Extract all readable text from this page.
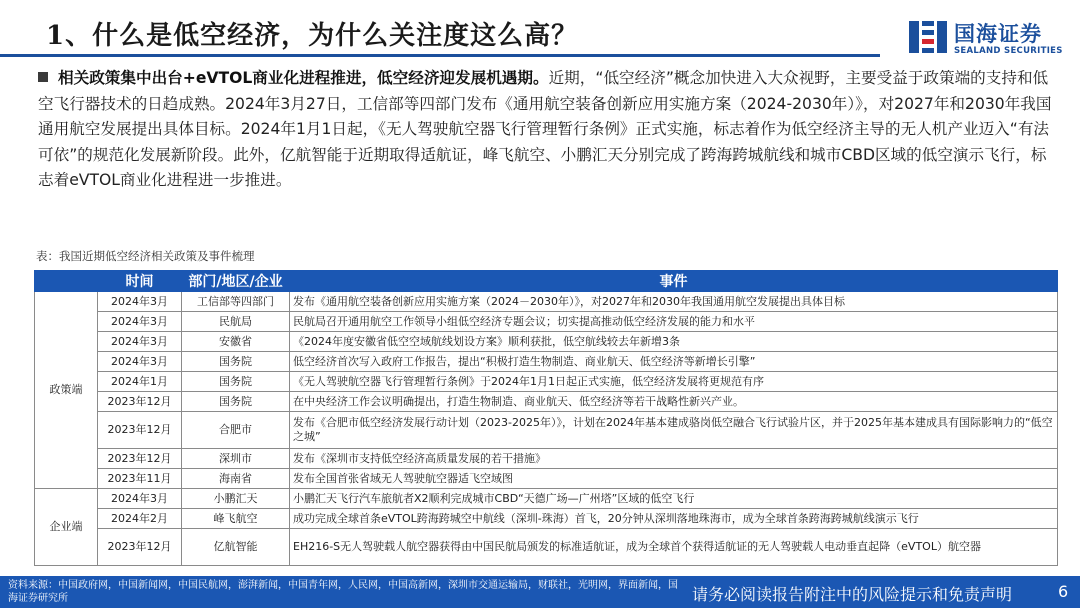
1、什么是低空经济，为什么关注度这么高？	国海证券
SEALAND SECURITIES
相关政策集中出台+eVTOL商业化进程推进，低空经济迎发展机遇期。近期，“低空经济”概念加快进入大众视野，主要受益于政策端的支持和低空飞行器技术的日趋成熟。2024年3月27日，工信部等四部门发布《通用航空装备创新应用实施方案（2024-2030年）》，对2027年和2030年我国通用航空发展提出具体目标。2024年1月1日起，《无人驾驶航空器飞行管理暂行条例》正式实施，标志着作为低空经济主导的无人机产业迈入“有法可依”的规范化发展新阶段。此外，亿航智能于近期取得适航证，峰飞航空、小鹏汇天分别完成了跨海跨城航线和城市CBD区域的低空演示飞行，标志着eVTOL商业化进程进一步推进。
表：我国近期低空经济相关政策及事件梳理
	时间	部门/地区/企业	事件
政策端	2024年3月	工信部等四部门	发布《通用航空装备创新应用实施方案（2024－2030年）》，对2027年和2030年我国通用航空发展提出具体目标
	2024年3月	民航局	民航局召开通用航空工作领导小组低空经济专题会议；切实提高推动低空经济发展的能力和水平
	2024年3月	安徽省	《2024年度安徽省低空空域航线划设方案》顺利获批，低空航线较去年新增3条
	2024年3月	国务院	低空经济首次写入政府工作报告，提出“积极打造生物制造、商业航天、低空经济等新增长引擎”
	2024年1月	国务院	《无人驾驶航空器飞行管理暂行条例》于2024年1月1日起正式实施，低空经济发展将更规范有序
	2023年12月	国务院	在中央经济工作会议明确提出，打造生物制造、商业航天、低空经济等若干战略性新兴产业。
	2023年12月	合肥市	发布《合肥市低空经济发展行动计划（2023-2025年）》，计划在2024年基本建成骆岗低空融合飞行试验片区，并于2025年基本建成具有国际影响力的“低空之城”
	2023年12月	深圳市	发布《深圳市支持低空经济高质量发展的若干措施》
	2023年11月	海南省	发布全国首张省域无人驾驶航空器适飞空域图
企业端	2024年3月	小鹏汇天	小鹏汇天飞行汽车旅航者X2顺利完成城市CBD“天德广场—广州塔”区域的低空飞行
	2024年2月	峰飞航空	成功完成全球首条eVTOL跨海跨城空中航线（深圳-珠海）首飞，20分钟从深圳落地珠海市，成为全球首条跨海跨城航线演示飞行
	2023年12月	亿航智能	EH216-S无人驾驶载人航空器获得由中国民航局颁发的标准适航证，成为全球首个获得适航证的无人驾驶载人电动垂直起降（eVTOL）航空器
资料来源：中国政府网，中国新闻网，中国民航网，澎湃新闻，中国青年网，人民网，中国高新网，深圳市交通运输局，财联社，光明网，界面新闻，国海证券研究所	请务必阅读报告附注中的风险提示和免责声明	6
